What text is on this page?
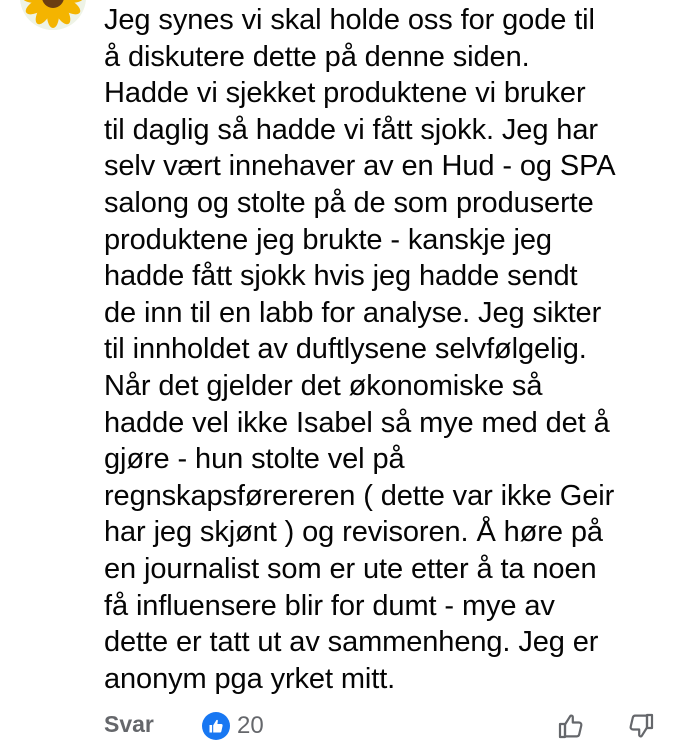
Jeg synes vi skal holde oss for gode til
å diskutere dette på denne siden.
Hadde vi sjekket produktene vi bruker
til daglig så hadde vi fått sjokk. Jeg har
selv vært innehaver av en Hud - og SPA
salong og stolte på de som produserte
produktene jeg brukte - kanskje jeg
hadde fått sjokk hvis jeg hadde sendt
de inn til en labb for analyse. Jeg sikter
til innholdet av duftlysene selvfølgelig.
Når det gjelder det økonomiske så
hadde vel ikke Isabel så mye med det å
gjøre - hun stolte vel på
regnskapsførereren ( dette var ikke Geir
har jeg skjønt ) og revisoren. Å høre på
en journalist som er ute etter å ta noen
få influensere blir for dumt - mye av
dette er tatt ut av sammenheng. Jeg er
anonym pga yrket mitt.
Svar	20
